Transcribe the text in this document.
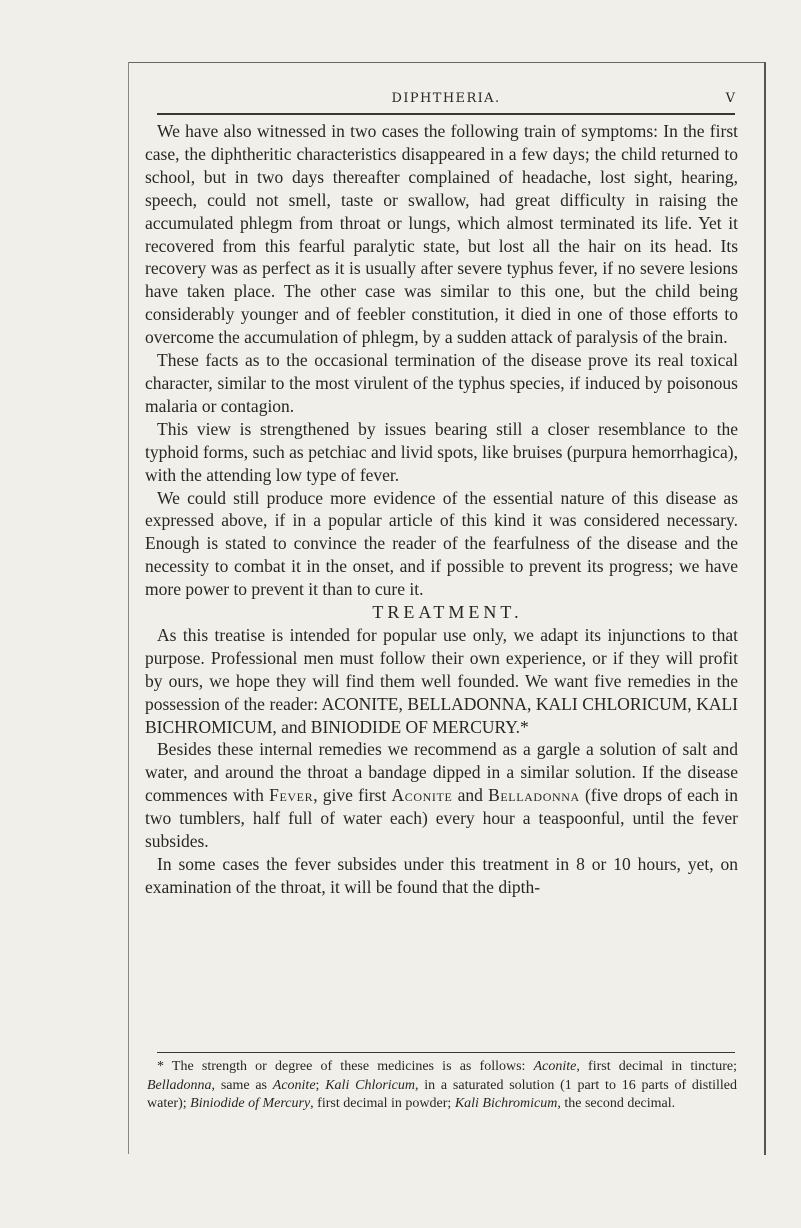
DIPHTHERIA.	V

We have also witnessed in two cases the following train of symptoms: In the first case, the diphtheritic characteristics disappeared in a few days; the child returned to school, but in two days thereafter complained of headache, lost sight, hearing, speech, could not smell, taste or swallow, had great difficulty in raising the accumulated phlegm from throat or lungs, which almost terminated its life. Yet it recovered from this fearful paralytic state, but lost all the hair on its head. Its recovery was as perfect as it is usually after severe typhus fever, if no severe lesions have taken place. The other case was similar to this one, but the child being considerably younger and of feebler constitution, it died in one of those efforts to overcome the accumulation of phlegm, by a sudden attack of paralysis of the brain.

These facts as to the occasional termination of the disease prove its real toxical character, similar to the most virulent of the typhus species, if induced by poisonous malaria or contagion.

This view is strengthened by issues bearing still a closer resemblance to the typhoid forms, such as petchiac and livid spots, like bruises (purpura hemorrhagica), with the attending low type of fever.

We could still produce more evidence of the essential nature of this disease as expressed above, if in a popular article of this kind it was considered necessary. Enough is stated to convince the reader of the fearfulness of the disease and the necessity to combat it in the onset, and if possible to prevent its progress; we have more power to prevent it than to cure it.

TREATMENT.

As this treatise is intended for popular use only, we adapt its injunctions to that purpose. Professional men must follow their own experience, or if they will profit by ours, we hope they will find them well founded. We want five remedies in the possession of the reader: ACONITE, BELLADONNA, KALI CHLORICUM, KALI BICHROMICUM, and BINIODIDE OF MERCURY.*

Besides these internal remedies we recommend as a gargle a solution of salt and water, and around the throat a bandage dipped in a similar solution. If the disease commences with Fever, give first Aconite and Belladonna (five drops of each in two tumblers, half full of water each) every hour a teaspoonful, until the fever subsides.

In some cases the fever subsides under this treatment in 8 or 10 hours, yet, on examination of the throat, it will be found that the dipth-

* The strength or degree of these medicines is as follows: Aconite, first decimal in tincture; Belladonna, same as Aconite; Kali Chloricum, in a saturated solution (1 part to 16 parts of distilled water); Biniodide of Mercury, first decimal in powder; Kali Bichromicum, the second decimal.
